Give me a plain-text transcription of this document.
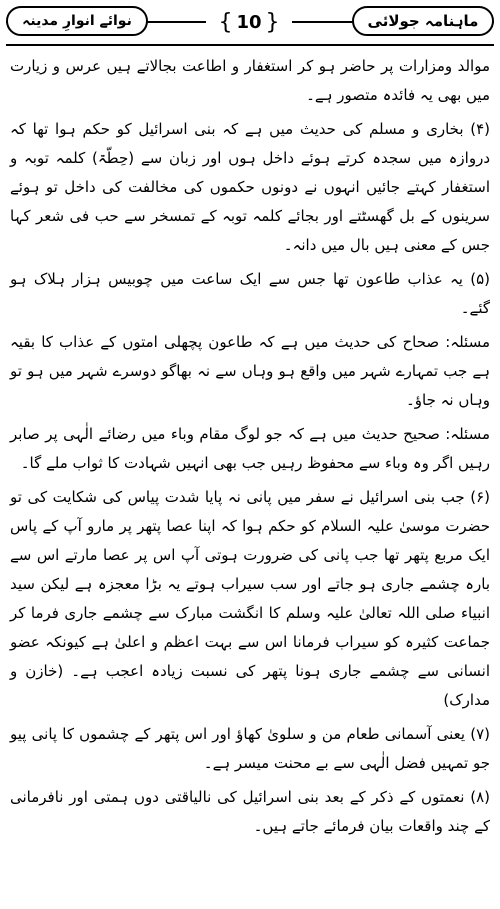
ماہنامہ جولائی
{ 10 }
نوائے انوارِ مدینہ

موالد ومزارات پر حاضر ہو کر استغفار و اطاعت بجالاتے ہیں عرس و زیارت میں بھی یہ فائدہ متصور ہے۔

(۴) بخاری و مسلم کی حدیث میں ہے کہ بنی اسرائیل کو حکم ہوا تھا کہ دروازہ میں سجدہ کرتے ہوئے داخل ہوں اور زبان سے (حِطّۃ) کلمہ توبہ و استغفار کہتے جائیں انہوں نے دونوں حکموں کی مخالفت کی داخل تو ہوئے سرینوں کے بل گھسٹتے اور بجائے کلمہ توبہ کے تمسخر سے حب فی شعر کہا جس کے معنی ہیں بال میں دانہ۔

(۵) یہ عذاب طاعون تھا جس سے ایک ساعت میں چوبیس ہزار ہلاک ہو گئے۔

مسئلہ: صحاح کی حدیث میں ہے کہ طاعون پچھلی امتوں کے عذاب کا بقیہ ہے جب تمہارے شہر میں واقع ہو وہاں سے نہ بھاگو دوسرے شہر میں ہو تو وہاں نہ جاؤ۔

مسئلہ: صحیح حدیث میں ہے کہ جو لوگ مقام وباء میں رضائے الٰہی پر صابر رہیں اگر وہ وباء سے محفوظ رہیں جب بھی انہیں شہادت کا ثواب ملے گا۔

(۶) جب بنی اسرائیل نے سفر میں پانی نہ پایا شدت پیاس کی شکایت کی تو حضرت موسیٰ علیہ السلام کو حکم ہوا کہ اپنا عصا پتھر پر مارو آپ کے پاس ایک مربع پتھر تھا جب پانی کی ضرورت ہوتی آپ اس پر عصا مارتے اس سے بارہ چشمے جاری ہو جاتے اور سب سیراب ہوتے یہ بڑا معجزہ ہے لیکن سید انبیاء صلی اللہ تعالیٰ علیہ وسلم کا انگشت مبارک سے چشمے جاری فرما کر جماعت کثیرہ کو سیراب فرمانا اس سے بہت اعظم و اعلیٰ ہے کیونکہ عضو انسانی سے چشمے جاری ہونا پتھر کی نسبت زیادہ اعجب ہے۔ (خازن و مدارک)

(۷) یعنی آسمانی طعام من و سلویٰ کھاؤ اور اس پتھر کے چشموں کا پانی پیو جو تمہیں فضل الٰہی سے بے محنت میسر ہے۔

(۸) نعمتوں کے ذکر کے بعد بنی اسرائیل کی نالیاقتی دوں ہمتی اور نافرمانی کے چند واقعات بیان فرمائے جاتے ہیں۔
